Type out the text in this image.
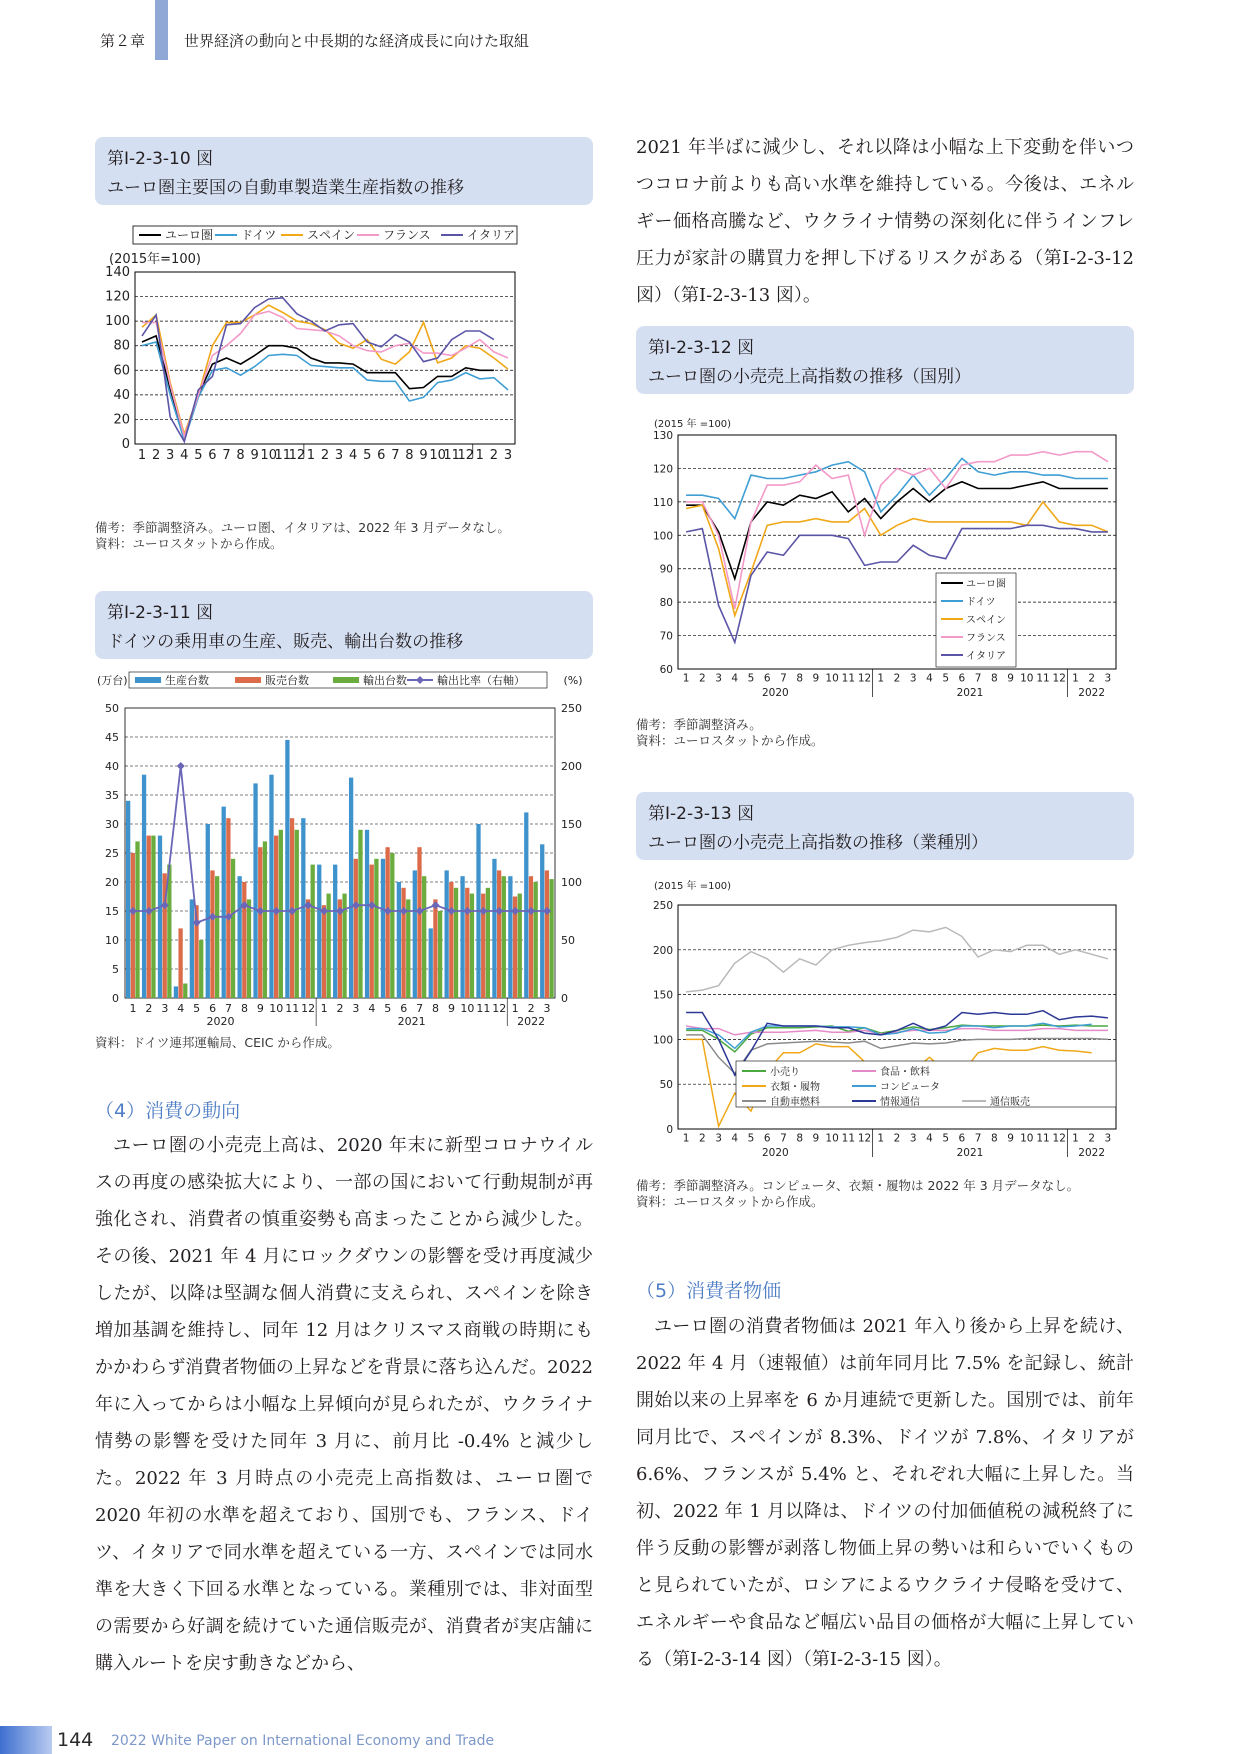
第２章	世界経済の動向と中長期的な経済成長に向けた取組
第Ⅰ-2-3-10 図
ユーロ圏主要国の自動車製造業生産指数の推移
ユーロ圏 ドイツ	スペイン フランス	イタリア
(2015年=100)
0
20
40
60
80
100
120
140
1 2 3 4 5 6 7 8 9 10
11
12 1 2 3 4 5 6 7 8 9 10
11
12 1 2 3
備考：季節調整済み。ユーロ圏、イタリアは、2022 年 3 月データなし。
資料：ユーロスタットから作成。
第Ⅰ-2-3-11 図
ドイツの乗用車の生産、販売、輸出台数の推移
(万台)	(%)
生産台数	販売台数	輸出台数	輸出比率（右軸）
0
5
10
15
20
25
30
35
40
45
50
0
50
100
150
200
250
1 2 3 4 5 6 7 8 9 10 11 12 1 2 3 4 5 6 7 8 9 10 11 12 1 2 3
2020	2021	2022
資料：ドイツ連邦運輸局、CEIC から作成。
（4）消費の動向
ユーロ圏の小売売上高は、2020 年末に新型コロナウイルスの再度の感染拡大により、一部の国において行動規制が再強化され、消費者の慎重姿勢も高まったことから減少した。その後、2021 年 4 月にロックダウンの影響を受け再度減少したが、以降は堅調な個人消費に支えられ、スペインを除き増加基調を維持し、同年 12 月はクリスマス商戦の時期にもかかわらず消費者物価の上昇などを背景に落ち込んだ。2022 年に入ってからは小幅な上昇傾向が見られたが、ウクライナ情勢の影響を受けた同年 3 月に、前月比 -0.4% と減少した。2022 年 3 月時点の小売売上高指数は、ユーロ圏で 2020 年初の水準を超えており、国別でも、フランス、ドイツ、イタリアで同水準を超えている一方、スペインでは同水準を大きく下回る水準となっている。業種別では、非対面型の需要から好調を続けていた通信販売が、消費者が実店舗に購入ルートを戻す動きなどから、
2021 年半ばに減少し、それ以降は小幅な上下変動を伴いつつコロナ前よりも高い水準を維持している。今後は、エネルギー価格高騰など、ウクライナ情勢の深刻化に伴うインフレ圧力が家計の購買力を押し下げるリスクがある（第Ⅰ-2-3-12 図）（第Ⅰ-2-3-13 図）。
第Ⅰ-2-3-12 図
ユーロ圏の小売売上高指数の推移（国別）
(2015 年 =100)
60
70
80
90
100
110
120
130
1 2 3 4 5 6 7 8 9 10 11 12 1 2 3 4 5 6 7 8 9 10 11 12 1 2 3
2020	2021	2022
ユーロ圏
ドイツ
スペイン
フランス
イタリア
備考：季節調整済み。
資料：ユーロスタットから作成。
第Ⅰ-2-3-13 図
ユーロ圏の小売売上高指数の推移（業種別）
(2015 年 =100)
0
50
100
150
200
250
1 2 3 4 5 6 7 8 9 10 11 12 1 2 3 4 5 6 7 8 9 10 11 12 1 2 3
2020	2021	2022
小売り	食品・飲料
衣類・履物	コンピュータ
自動車燃料	情報通信	通信販売
備考：季節調整済み。コンピュータ、衣類・履物は 2022 年 3 月データなし。
資料：ユーロスタットから作成。
（5）消費者物価
ユーロ圏の消費者物価は 2021 年入り後から上昇を続け、2022 年 4 月（速報値）は前年同月比 7.5% を記録し、統計開始以来の上昇率を 6 か月連続で更新した。国別では、前年同月比で、スペインが 8.3%、ドイツが 7.8%、イタリアが 6.6%、フランスが 5.4% と、それぞれ大幅に上昇した。当初、2022 年 1 月以降は、ドイツの付加価値税の減税終了に伴う反動の影響が剥落し物価上昇の勢いは和らいでいくものと見られていたが、ロシアによるウクライナ侵略を受けて、エネルギーや食品など幅広い品目の価格が大幅に上昇している（第Ⅰ-2-3-14 図）（第Ⅰ-2-3-15 図）。
144 2022 White Paper on International Economy and Trade
